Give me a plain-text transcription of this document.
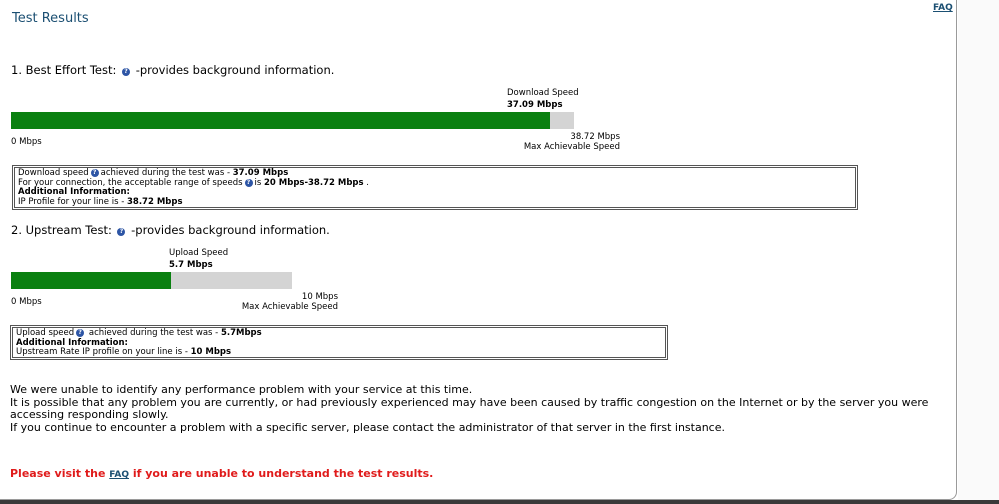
Test Results
FAQ
1. Best Effort Test: ? -provides background information.
Download Speed
37.09 Mbps
0 Mbps	38.72 Mbps
Max Achievable Speed
Download speed ? achieved during the test was - 37.09 Mbps
For your connection, the acceptable range of speeds ? is 20 Mbps-38.72 Mbps .
Additional Information:
IP Profile for your line is - 38.72 Mbps
2. Upstream Test: ? -provides background information.
Upload Speed
5.7 Mbps
0 Mbps	10 Mbps
Max Achievable Speed
Upload speed ? achieved during the test was - 5.7Mbps
Additional Information:
Upstream Rate IP profile on your line is - 10 Mbps
We were unable to identify any performance problem with your service at this time.
It is possible that any problem you are currently, or had previously experienced may have been caused by traffic congestion on the Internet or by the server you were accessing responding slowly.
If you continue to encounter a problem with a specific server, please contact the administrator of that server in the first instance.
Please visit the FAQ if you are unable to understand the test results.
